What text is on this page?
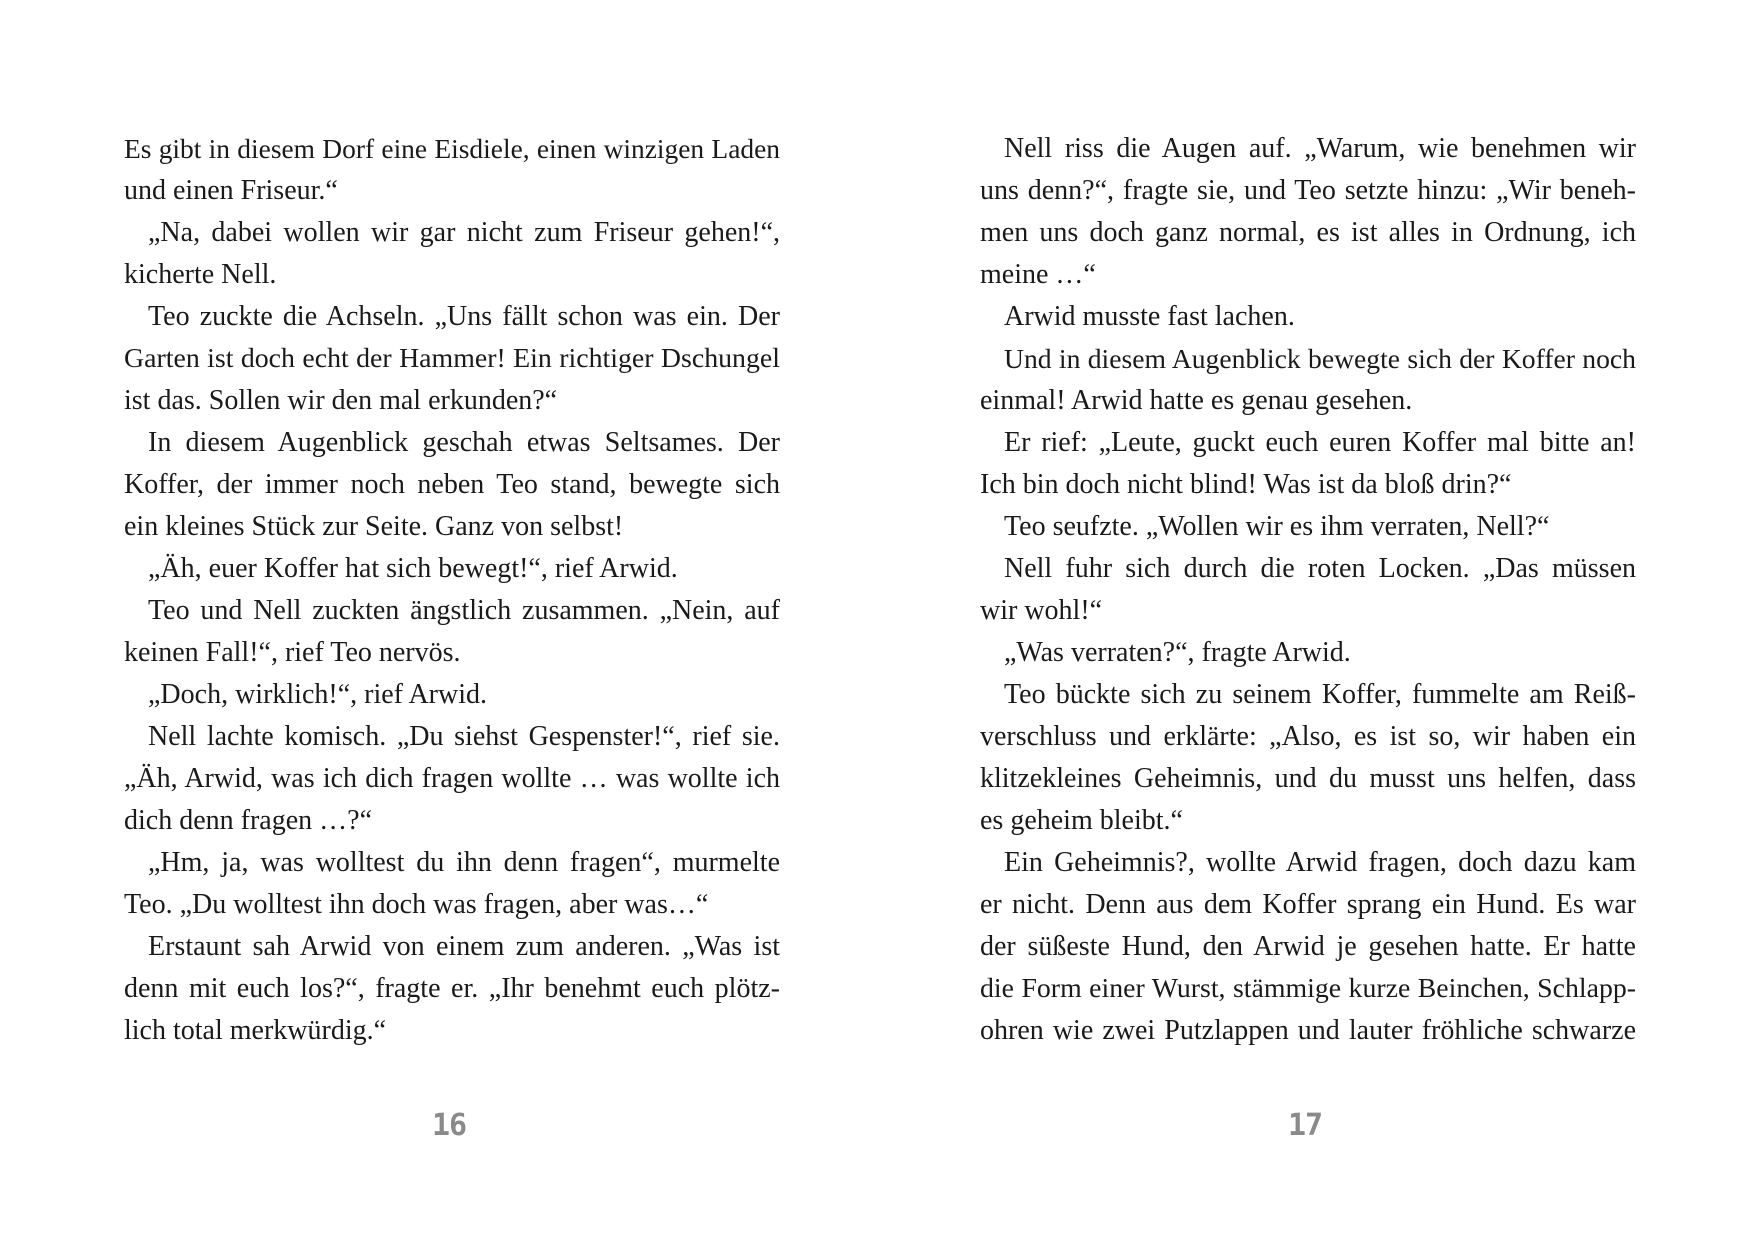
Es gibt in diesem Dorf eine Eisdiele, einen winzigen Laden
und einen Friseur.“
„Na, dabei wollen wir gar nicht zum Friseur gehen!“,
kicherte Nell.
Teo zuckte die Achseln. „Uns fällt schon was ein. Der
Garten ist doch echt der Hammer! Ein richtiger Dschungel
ist das. Sollen wir den mal erkunden?“
In diesem Augenblick geschah etwas Seltsames. Der
Koffer, der immer noch neben Teo stand, bewegte sich
ein kleines Stück zur Seite. Ganz von selbst!
„Äh, euer Koffer hat sich bewegt!“, rief Arwid.
Teo und Nell zuckten ängstlich zusammen. „Nein, auf
keinen Fall!“, rief Teo nervös.
„Doch, wirklich!“, rief Arwid.
Nell lachte komisch. „Du siehst Gespenster!“, rief sie.
„Äh, Arwid, was ich dich fragen wollte … was wollte ich
dich denn fragen …?“
„Hm, ja, was wolltest du ihn denn fragen“, murmelte
Teo. „Du wolltest ihn doch was fragen, aber was…“
Erstaunt sah Arwid von einem zum anderen. „Was ist
denn mit euch los?“, fragte er. „Ihr benehmt euch plötz-
lich total merkwürdig.“
Nell riss die Augen auf. „Warum, wie benehmen wir
uns denn?“, fragte sie, und Teo setzte hinzu: „Wir beneh-
men uns doch ganz normal, es ist alles in Ordnung, ich
meine …“
Arwid musste fast lachen.
Und in diesem Augenblick bewegte sich der Koffer noch
einmal! Arwid hatte es genau gesehen.
Er rief: „Leute, guckt euch euren Koffer mal bitte an!
Ich bin doch nicht blind! Was ist da bloß drin?“
Teo seufzte. „Wollen wir es ihm verraten, Nell?“
Nell fuhr sich durch die roten Locken. „Das müssen
wir wohl!“
„Was verraten?“, fragte Arwid.
Teo bückte sich zu seinem Koffer, fummelte am Reiß-
verschluss und erklärte: „Also, es ist so, wir haben ein
klitzekleines Geheimnis, und du musst uns helfen, dass
es geheim bleibt.“
Ein Geheimnis?, wollte Arwid fragen, doch dazu kam
er nicht. Denn aus dem Koffer sprang ein Hund. Es war
der süßeste Hund, den Arwid je gesehen hatte. Er hatte
die Form einer Wurst, stämmige kurze Beinchen, Schlapp-
ohren wie zwei Putzlappen und lauter fröhliche schwarze
16	17
